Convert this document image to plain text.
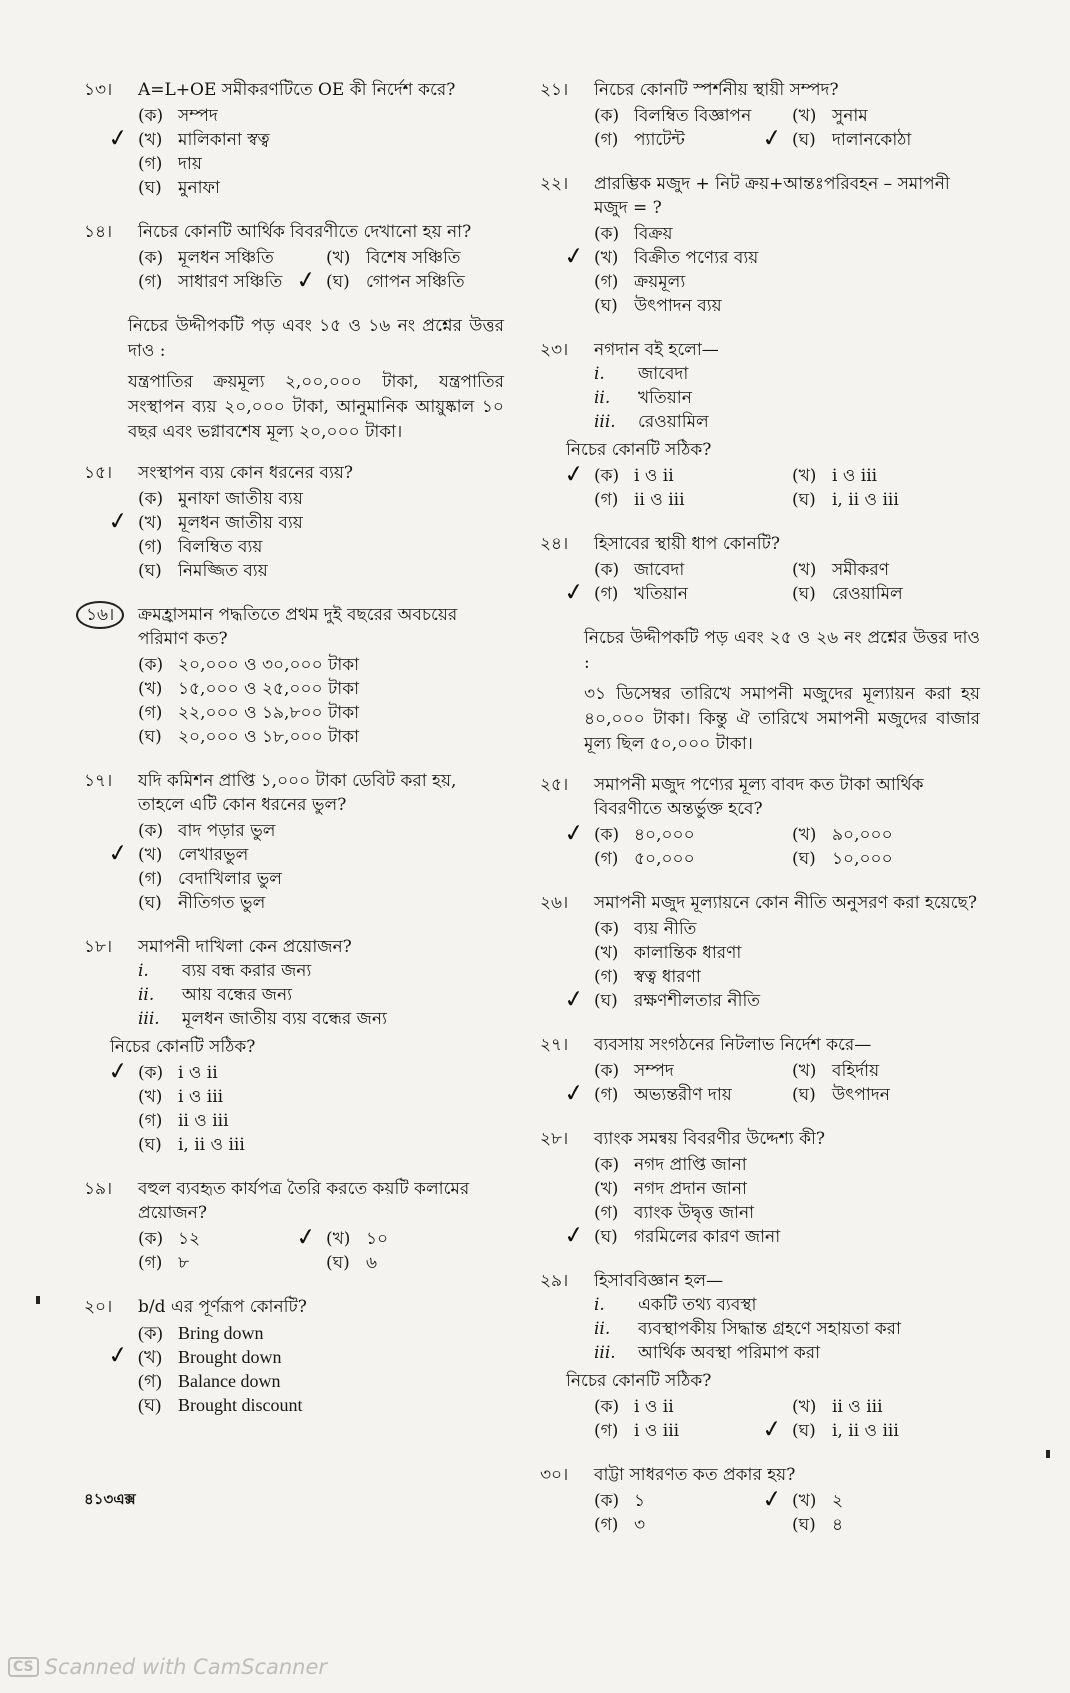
১৩। A=L+OE সমীকরণটিতে OE কী নির্দেশ করে?
(ক) সম্পদ
✓ (খ) মালিকানা স্বত্ব
(গ) দায়
(ঘ) মুনাফা
১৪। নিচের কোনটি আর্থিক বিবরণীতে দেখানো হয় না?
(ক) মূলধন সঞ্চিতি	(খ) বিশেষ সঞ্চিতি
(গ) সাধারণ সঞ্চিতি ✓ (ঘ) গোপন সঞ্চিতি

নিচের উদ্দীপকটি পড় এবং ১৫ ও ১৬ নং প্রশ্নের উত্তর দাও :

যন্ত্রপাতির ক্রয়মূল্য ২,০০,০০০ টাকা, যন্ত্রপাতির সংস্থাপন ব্যয় ২০,০০০ টাকা, আনুমানিক আয়ুষ্কাল ১০ বছর এবং ভগ্নাবশেষ মূল্য ২০,০০০ টাকা।

১৫। সংস্থাপন ব্যয় কোন ধরনের ব্যয়?
(ক) মুনাফা জাতীয় ব্যয়
✓ (খ) মূলধন জাতীয় ব্যয়
(গ) বিলম্বিত ব্যয়
(ঘ) নিমজ্জিত ব্যয়
১৬।	ক্রমহ্রাসমান পদ্ধতিতে প্রথম দুই বছরের অবচয়ের পরিমাণ কত?
(ক) ২০,০০০ ও ৩০,০০০ টাকা
(খ) ১৫,০০০ ও ২৫,০০০ টাকা
(গ) ২২,০০০ ও ১৯,৮০০ টাকা
(ঘ) ২০,০০০ ও ১৮,০০০ টাকা
১৭। যদি কমিশন প্রাপ্তি ১,০০০ টাকা ডেবিট করা হয়, তাহলে এটি কোন ধরনের ভুল?
(ক) বাদ পড়ার ভুল
✓ (খ) লেখারভুল
(গ) বেদাখিলার ভুল
(ঘ) নীতিগত ভুল
১৮। সমাপনী দাখিলা কেন প্রয়োজন?
i.	ব্যয় বন্ধ করার জন্য
ii.	আয় বন্ধের জন্য
iii.	মূলধন জাতীয় ব্যয় বন্ধের জন্য
নিচের কোনটি সঠিক?
✓ (ক) i ও ii
(খ) i ও iii
(গ) ii ও iii
(ঘ) i, ii ও iii
১৯। বহুল ব্যবহৃত কার্যপত্র তৈরি করতে কয়টি কলামের প্রয়োজন?
(ক) ১২	✓ (খ) ১০
(গ) ৮	(ঘ) ৬
২০। b/d এর পূর্ণরূপ কোনটি?
(ক) Bring down
✓ (খ) Brought down
(গ) Balance down
(ঘ) Brought discount
২১। নিচের কোনটি স্পর্শনীয় স্থায়ী সম্পদ?
(ক) বিলম্বিত বিজ্ঞাপন (খ) সুনাম
(গ) প্যাটেন্ট	✓ (ঘ) দালানকোঠা
২২। প্রারম্ভিক মজুদ + নিট ক্রয়+আন্তঃপরিবহন – সমাপনী মজুদ = ?
(ক) বিক্রয়
✓ (খ) বিক্রীত পণ্যের ব্যয়
(গ) ক্রয়মূল্য
(ঘ) উৎপাদন ব্যয়
২৩। নগদান বই হলো—
i.	জাবেদা
ii.	খতিয়ান
iii.	রেওয়ামিল
নিচের কোনটি সঠিক?
✓ (ক) i ও ii	(খ) i ও iii
(গ) ii ও iii	(ঘ) i, ii ও iii
২৪। হিসাবের স্থায়ী ধাপ কোনটি?
(ক) জাবেদা	(খ) সমীকরণ
✓ (গ) খতিয়ান	(ঘ) রেওয়ামিল

নিচের উদ্দীপকটি পড় এবং ২৫ ও ২৬ নং প্রশ্নের উত্তর দাও :

৩১ ডিসেম্বর তারিখে সমাপনী মজুদের মূল্যায়ন করা হয় ৪০,০০০ টাকা। কিন্তু ঐ তারিখে সমাপনী মজুদের বাজার মূল্য ছিল ৫০,০০০ টাকা।

২৫। সমাপনী মজুদ পণ্যের মূল্য বাবদ কত টাকা আর্থিক বিবরণীতে অন্তর্ভুক্ত হবে?
✓ (ক) ৪০,০০০	(খ) ৯০,০০০
(গ) ৫০,০০০	(ঘ) ১০,০০০
২৬। সমাপনী মজুদ মূল্যায়নে কোন নীতি অনুসরণ করা হয়েছে?
(ক) ব্যয় নীতি
(খ) কালান্তিক ধারণা
(গ) স্বত্ব ধারণা
✓ (ঘ) রক্ষণশীলতার নীতি
২৭। ব্যবসায় সংগঠনের নিটলাভ নির্দেশ করে—
(ক) সম্পদ	(খ) বহির্দায়
✓ (গ) অভ্যন্তরীণ দায়	(ঘ) উৎপাদন
২৮। ব্যাংক সমন্বয় বিবরণীর উদ্দেশ্য কী?
(ক) নগদ প্রাপ্তি জানা
(খ) নগদ প্রদান জানা
(গ) ব্যাংক উদ্বৃত্ত জানা
✓ (ঘ) গরমিলের কারণ জানা
২৯। হিসাববিজ্ঞান হল—
i.	একটি তথ্য ব্যবস্থা
ii.	ব্যবস্থাপকীয় সিদ্ধান্ত গ্রহণে সহায়তা করা
iii.	আর্থিক অবস্থা পরিমাপ করা
নিচের কোনটি সঠিক?
(ক) i ও ii	(খ) ii ও iii
(গ) i ও iii	✓ (ঘ) i, ii ও iii
৩০। বাট্টা সাধরণত কত প্রকার হয়?
(ক) ১	✓ (খ) ২
(গ) ৩	(ঘ) ৪
৪১৩এক্স
CS Scanned with CamScanner
